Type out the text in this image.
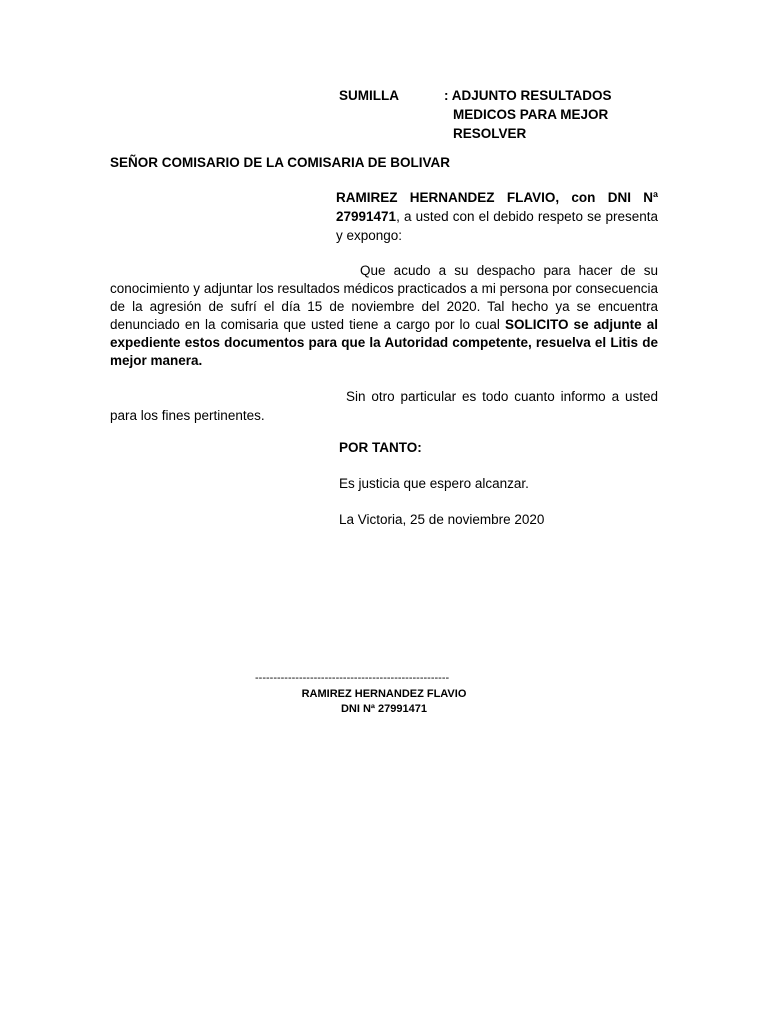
SUMILLA	: ADJUNTO RESULTADOS
MEDICOS PARA MEJOR
RESOLVER
SEÑOR COMISARIO DE LA COMISARIA DE BOLIVAR
RAMIREZ HERNANDEZ FLAVIO, con DNI Nª 27991471, a usted con el debido respeto se presenta y expongo:
Que acudo a su despacho para hacer de su conocimiento y adjuntar los resultados médicos practicados a mi persona por consecuencia de la agresión de sufrí el día 15 de noviembre del 2020. Tal hecho ya se encuentra denunciado en la comisaria que usted tiene a cargo por lo cual SOLICITO se adjunte al expediente estos documentos para que la Autoridad competente, resuelva el Litis de mejor manera.
Sin otro particular es todo cuanto informo a usted para los fines pertinentes.
POR TANTO:
Es justicia que espero alcanzar.
La Victoria, 25 de noviembre 2020
-----------------------------------------------------
RAMIREZ HERNANDEZ FLAVIO
DNI Nª 27991471
